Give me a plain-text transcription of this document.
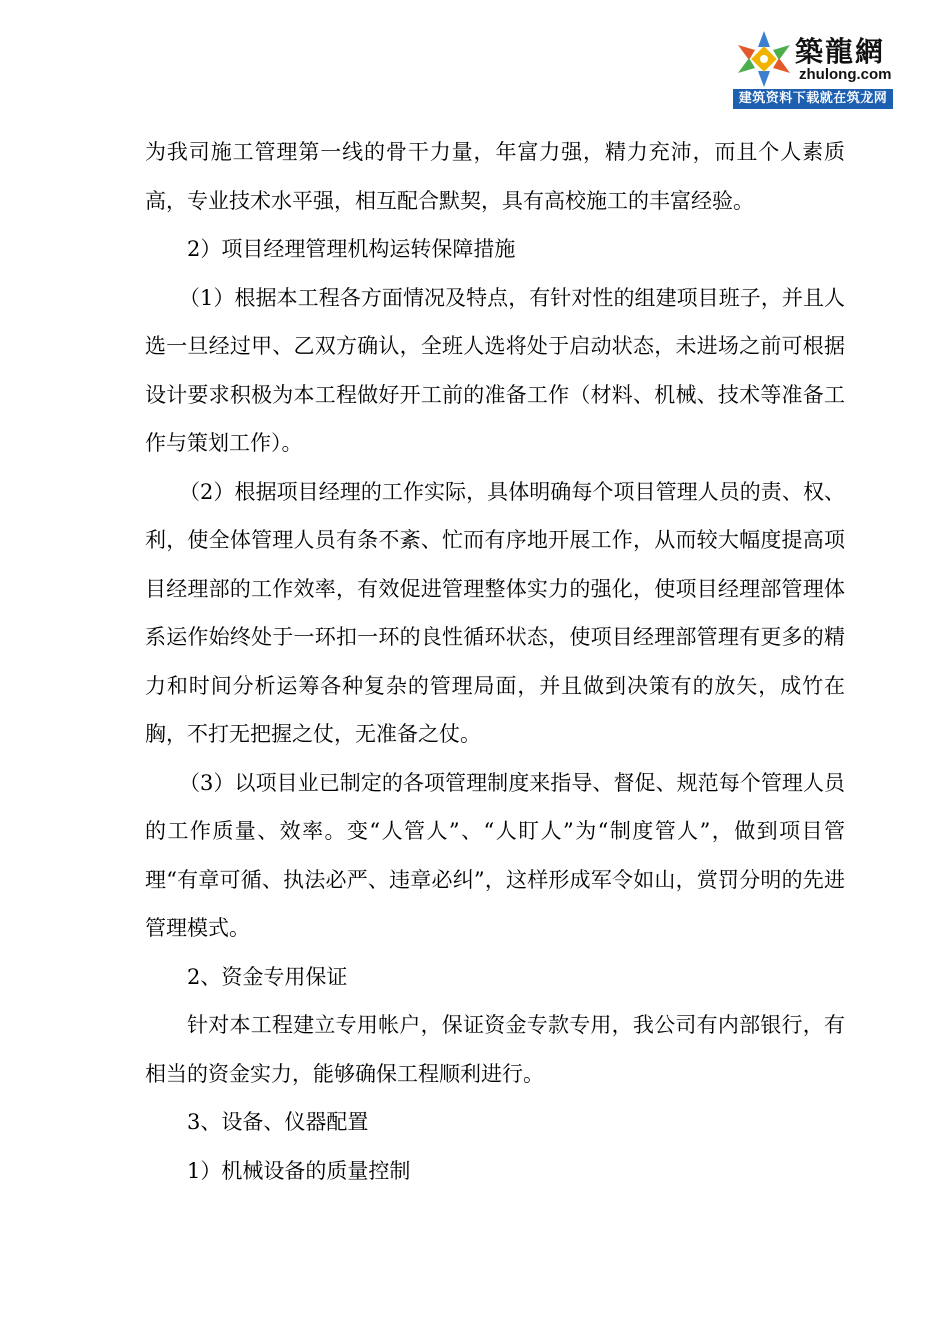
築龍網
zhulong.com
建筑资料下载就在筑龙网

为我司施工管理第一线的骨干力量，年富力强，精力充沛，而且个人素质高，专业技术水平强，相互配合默契，具有高校施工的丰富经验。

2）项目经理管理机构运转保障措施

（1）根据本工程各方面情况及特点，有针对性的组建项目班子，并且人选一旦经过甲、乙双方确认，全班人选将处于启动状态，未进场之前可根据设计要求积极为本工程做好开工前的准备工作（材料、机械、技术等准备工作与策划工作）。

（2）根据项目经理的工作实际，具体明确每个项目管理人员的责、权、利，使全体管理人员有条不紊、忙而有序地开展工作，从而较大幅度提高项目经理部的工作效率，有效促进管理整体实力的强化，使项目经理部管理体系运作始终处于一环扣一环的良性循环状态，使项目经理部管理有更多的精力和时间分析运筹各种复杂的管理局面，并且做到决策有的放矢，成竹在胸，不打无把握之仗，无准备之仗。

（3）以项目业已制定的各项管理制度来指导、督促、规范每个管理人员的工作质量、效率。变“人管人”、“人盯人”为“制度管人”，做到项目管理“有章可循、执法必严、违章必纠”，这样形成军令如山，赏罚分明的先进管理模式。

2、资金专用保证

针对本工程建立专用帐户，保证资金专款专用，我公司有内部银行，有相当的资金实力，能够确保工程顺利进行。

3、设备、仪器配置

1）机械设备的质量控制
